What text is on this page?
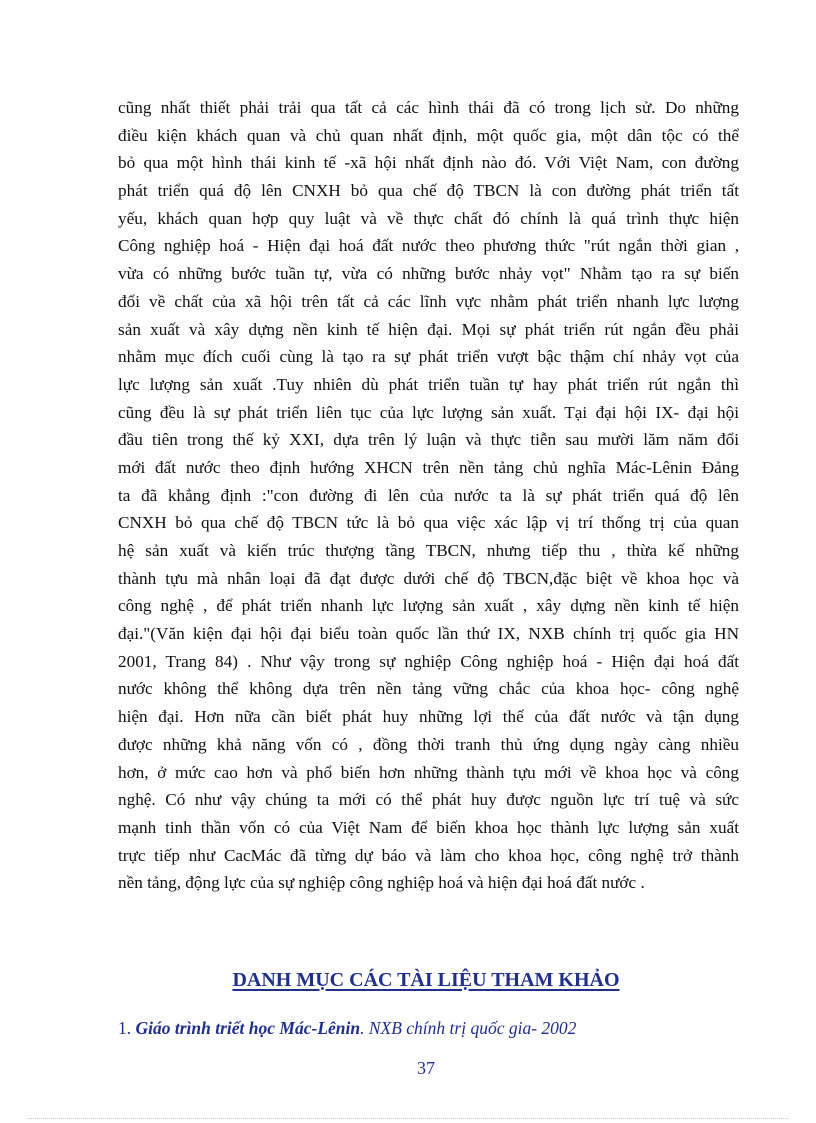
cũng nhất thiết phải trải qua tất cả các hình thái đã có trong lịch sử. Do những
điều kiện khách quan và chủ quan nhất định, một quốc gia, một dân tộc có thể
bỏ qua một hình thái kinh tế -xã hội nhất định nào đó. Với Việt Nam, con đường
phát triển quá độ lên CNXH bỏ qua chế độ TBCN là con đường phát triển tất
yếu, khách quan hợp quy luật và về thực chất đó chính là quá trình thực hiện
Công nghiệp hoá - Hiện đại hoá đất nước theo phương thức "rút ngắn thời gian ,
vừa có những bước tuần tự, vừa có những bước nhảy vọt" Nhằm tạo ra sự biến
đổi về chất của xã hội trên tất cả các lĩnh vực nhằm phát triển nhanh lực lượng
sản xuất và xây dựng nền kinh tế hiện đại. Mọi sự phát triển rút ngắn đều phải
nhằm mục đích cuối cùng là tạo ra sự phát triển vượt bậc thậm chí nhảy vọt của
lực lượng sản xuất .Tuy nhiên dù phát triển tuần tự hay phát triển rút ngắn thì
cũng đều là sự phát triển liên tục của lực lượng sản xuất. Tại đại hội IX- đại hội
đầu tiên trong thế kỷ XXI, dựa trên lý luận và thực tiễn sau mười lăm năm đổi
mới đất nước theo định hướng XHCN trên nền tảng chủ nghĩa Mác-Lênin Đảng
ta đã khẳng định :"con đường đi lên của nước ta là sự phát triển quá độ lên
CNXH bỏ qua chế độ TBCN tức là bỏ qua việc xác lập vị trí thống trị của quan
hệ sản xuất và kiến trúc thượng tầng TBCN, nhưng tiếp thu , thừa kế những
thành tựu mà nhân loại đã đạt được dưới chế độ TBCN,đặc biệt về khoa học và
công nghệ , để phát triển nhanh lực lượng sản xuất , xây dựng nền kinh tế hiện
đại."(Văn kiện đại hội đại biểu toàn quốc lần thứ IX, NXB chính trị quốc gia HN
2001, Trang 84) . Như vậy trong sự nghiệp Công nghiệp hoá - Hiện đại hoá đất
nước không thể không dựa trên nền tảng vững chắc của khoa học- công nghệ
hiện đại. Hơn nữa cần biết phát huy những lợi thế của đất nước và tận dụng
được những khả năng vốn có , đồng thời tranh thủ ứng dụng ngày càng nhiều
hơn, ở mức cao hơn và phổ biến hơn những thành tựu mới về khoa học và công
nghệ. Có như vậy chúng ta mới có thể phát huy được nguồn lực trí tuệ và sức
mạnh tinh thần vốn có của Việt Nam để biến khoa học thành lực lượng sản xuất
trực tiếp như CacMác đã từng dự báo và làm cho khoa học, công nghệ trở thành
nền tảng, động lực của sự nghiệp công nghiệp hoá và hiện đại hoá đất nước .
DANH MỤC CÁC TÀI LIỆU THAM KHẢO

1. Giáo trình triết học Mác-Lênin. NXB chính trị quốc gia- 2002

37
